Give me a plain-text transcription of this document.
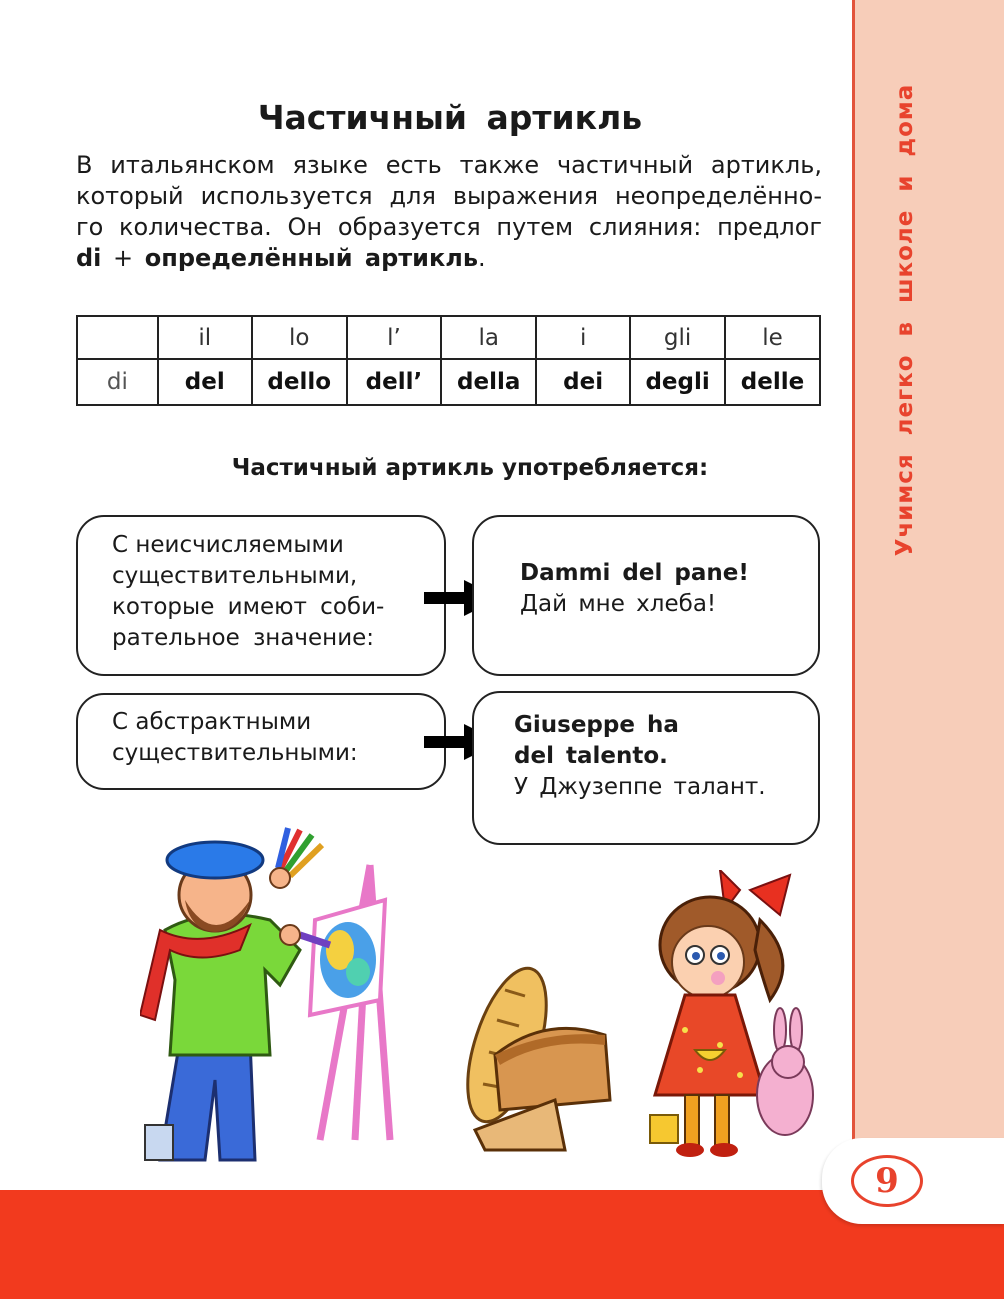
Учимся  легко  в  школе  и  дома
Частичный артикль
В итальянском языке есть также частичный артикль, который используется для выражения неопределённо- го количества. Он образуется путем слияния: предлог di + определённый артикль.
	il	lo	l’	la	i	gli	le
di	del	dello	dell’	della	dei	degli	delle
Частичный артикль употребляется:
С неисчисляемыми
существительными,
которые имеют соби-
рательное значение:
Dammi del pane!
Дай мне хлеба!
С абстрактными
существительными:
Giuseppe ha
del talento.
У Джузеппе талант.
9
